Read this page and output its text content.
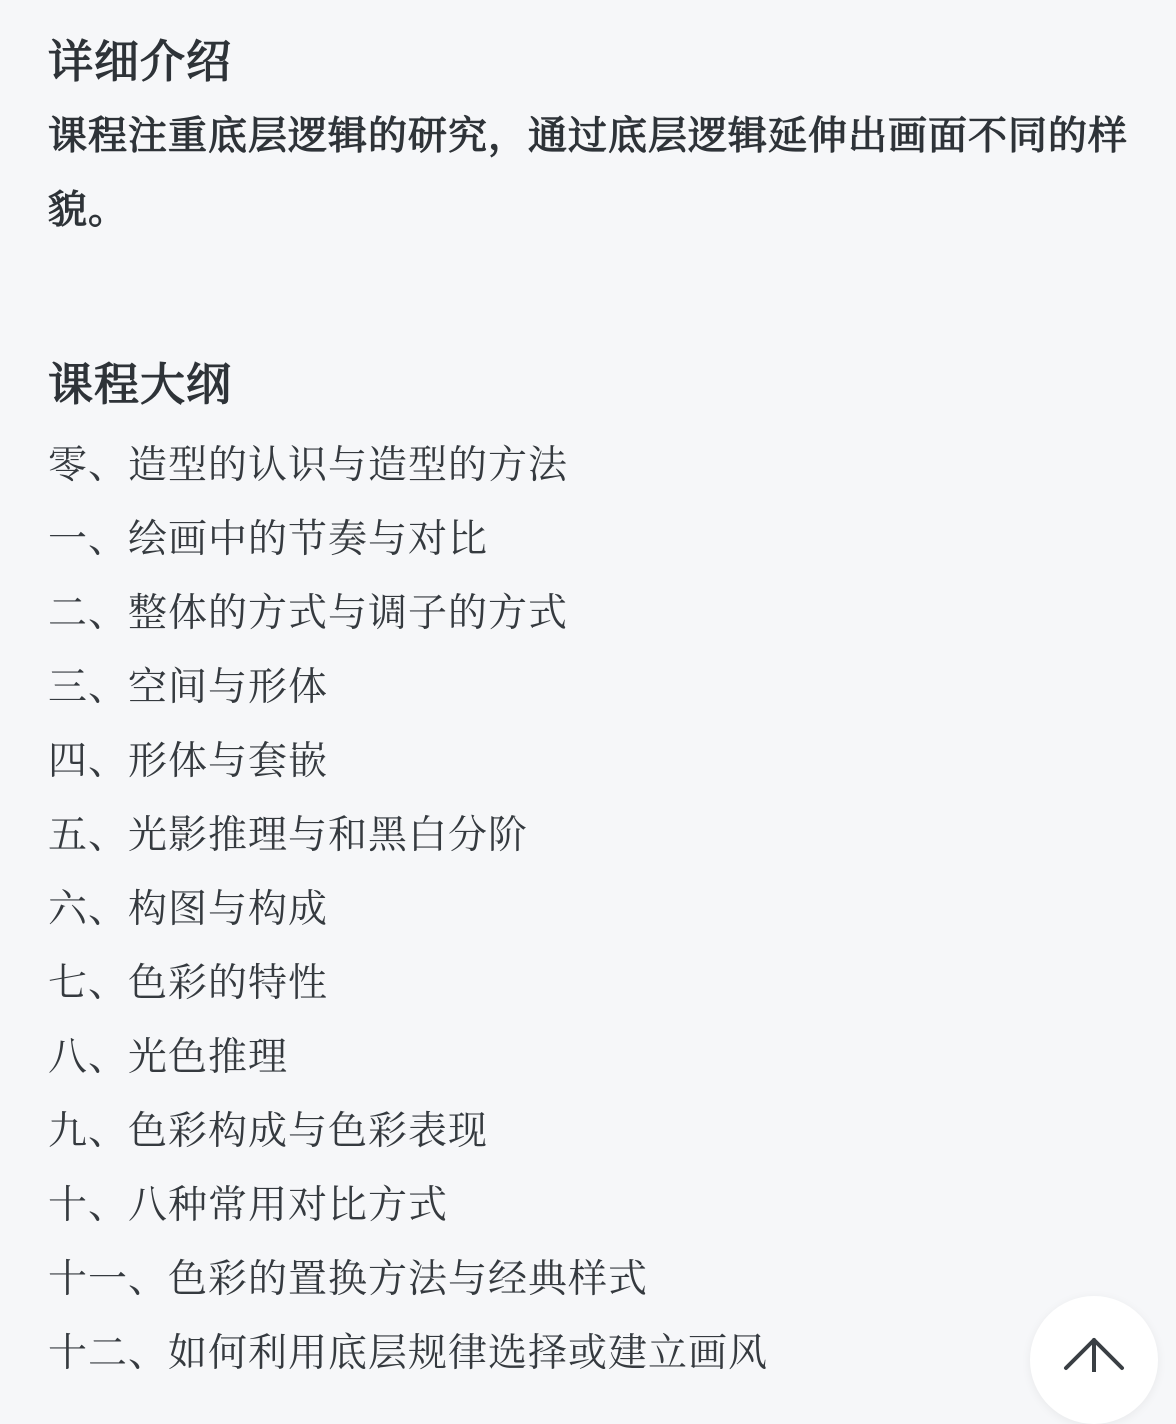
详细介绍

课程注重底层逻辑的研究，通过底层逻辑延伸出画面不同的样貌。

课程大纲
零、造型的认识与造型的方法
一、绘画中的节奏与对比
二、整体的方式与调子的方式
三、空间与形体
四、形体与套嵌
五、光影推理与和黑白分阶
六、构图与构成
七、色彩的特性
八、光色推理
九、色彩构成与色彩表现
十、八种常用对比方式
十一、色彩的置换方法与经典样式
十二、如何利用底层规律选择或建立画风
